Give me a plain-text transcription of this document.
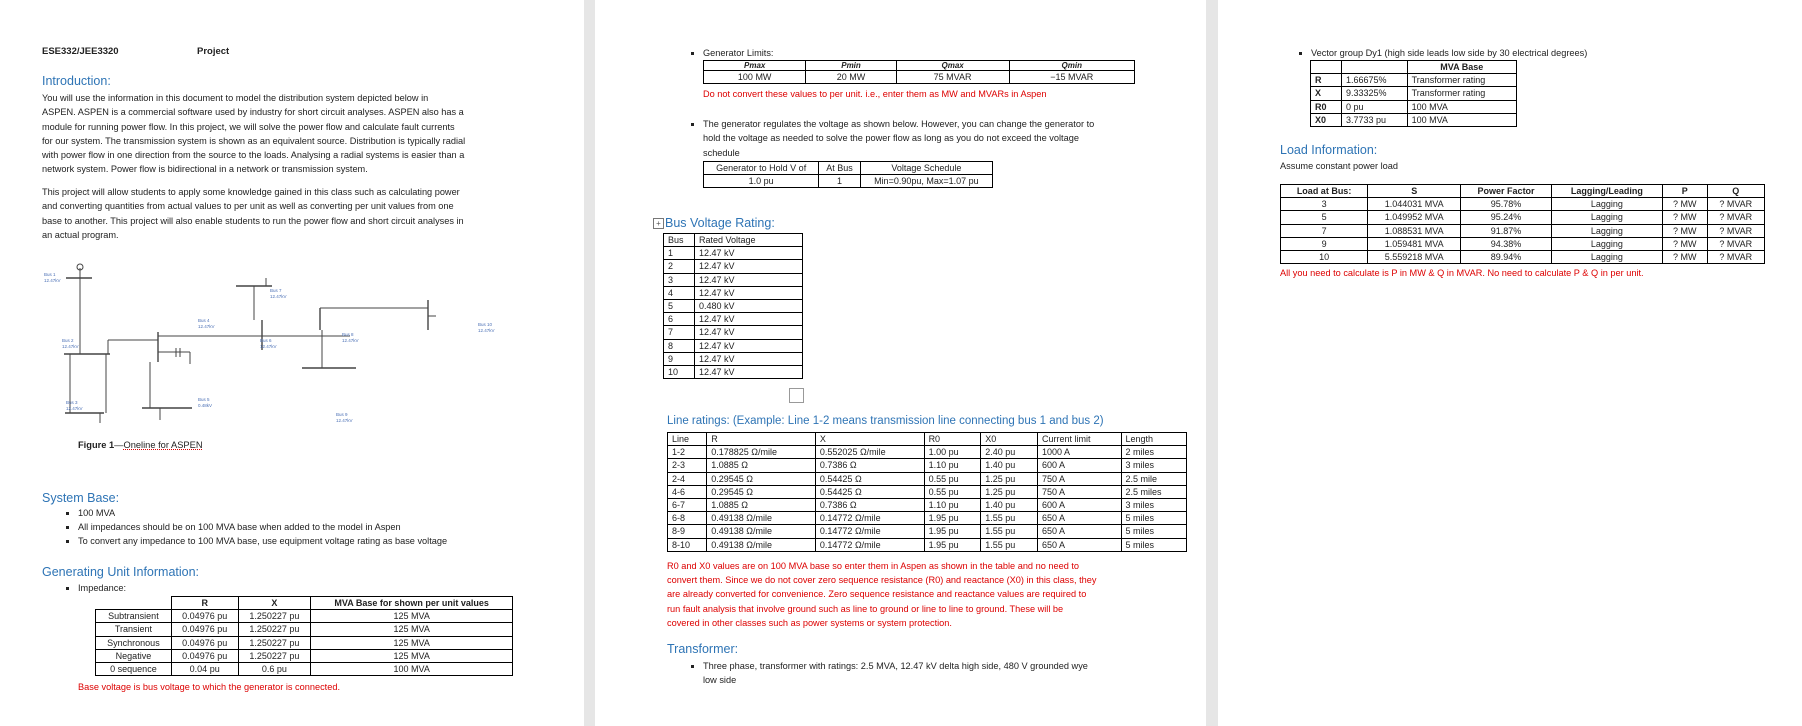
ESE332/JEE3320	Project
Introduction:
You will use the information in this document to model the distribution system depicted below in
ASPEN. ASPEN is a commercial software used by industry for short circuit analyses. ASPEN also has a
module for running power flow. In this project, we will solve the power flow and calculate fault currents
for our system. The transmission system is shown as an equivalent source. Distribution is typically radial
with power flow in one direction from the source to the loads. Analysing a radial systems is easier than a
network system. Power flow is bidirectional in a network or transmission system.
This project will allow students to apply some knowledge gained in this class such as calculating power
and converting quantities from actual values to per unit as well as converting per unit values from one
base to another. This project will also enable students to run the power flow and short circuit analyses in
an actual program.
Bus 1
12.47kV
Bus 2
12.47kV
Bus 3
12.47kV
Bus 4
12.47kV
Bus 5
0.48kV
Bus 6
12.47kV
Bus 7
12.47kV
Bus 8
12.47kV
Bus 9
12.47kV
Bus 10
12.47kV
Figure 1—Oneline for ASPEN
System Base:
▪ 100 MVA
▪ All impedances should be on 100 MVA base when added to the model in Aspen
▪ To convert any impedance to 100 MVA base, use equipment voltage rating as base voltage
Generating Unit Information:
▪ Impedance:
	R	X	MVA Base for shown per unit values
Subtransient	0.04976 pu	1.250227 pu	125 MVA
Transient	0.04976 pu	1.250227 pu	125 MVA
Synchronous	0.04976 pu	1.250227 pu	125 MVA
Negative	0.04976 pu	1.250227 pu	125 MVA
0 sequence	0.04 pu	0.6 pu	100 MVA
Base voltage is bus voltage to which the generator is connected.
▪ Generator Limits:
Pmax	Pmin	Qmax	Qmin
100 MW	20 MW	75 MVAR	−15 MVAR
Do not convert these values to per unit. i.e., enter them as MW and MVARs in Aspen
▪ The generator regulates the voltage as shown below. However, you can change the generator to
hold the voltage as needed to solve the power flow as long as you do not exceed the voltage
schedule
Generator to Hold V of	At Bus	Voltage Schedule
1.0 pu	1	Min=0.90pu, Max=1.07 pu
+ Bus Voltage Rating:
Bus	Rated Voltage
1	12.47 kV
2	12.47 kV
3	12.47 kV
4	12.47 kV
5	0.480 kV
6	12.47 kV
7	12.47 kV
8	12.47 kV
9	12.47 kV
10	12.47 kV
Line ratings: (Example: Line 1-2 means transmission line connecting bus 1 and bus 2)
Line	R	X	R0	X0	Current limit	Length
1-2	0.178825 Ω/mile	0.552025 Ω/mile	1.00 pu	2.40 pu	1000 A	2 miles
2-3	1.0885 Ω	0.7386 Ω	1.10 pu	1.40 pu	600 A	3 miles
2-4	0.29545 Ω	0.54425 Ω	0.55 pu	1.25 pu	750 A	2.5 mile
4-6	0.29545 Ω	0.54425 Ω	0.55 pu	1.25 pu	750 A	2.5 miles
6-7	1.0885 Ω	0.7386 Ω	1.10 pu	1.40 pu	600 A	3 miles
6-8	0.49138 Ω/mile	0.14772 Ω/mile	1.95 pu	1.55 pu	650 A	5 miles
8-9	0.49138 Ω/mile	0.14772 Ω/mile	1.95 pu	1.55 pu	650 A	5 miles
8-10	0.49138 Ω/mile	0.14772 Ω/mile	1.95 pu	1.55 pu	650 A	5 miles
R0 and X0 values are on 100 MVA base so enter them in Aspen as shown in the table and no need to
convert them. Since we do not cover zero sequence resistance (R0) and reactance (X0) in this class, they
are already converted for convenience. Zero sequence resistance and reactance values are required to
run fault analysis that involve ground such as line to ground or line to line to ground. These will be
covered in other classes such as power systems or system protection.
Transformer:
▪ Three phase, transformer with ratings: 2.5 MVA, 12.47 kV delta high side, 480 V grounded wye
low side
▪ Vector group Dy1 (high side leads low side by 30 electrical degrees)
		MVA Base
R	1.66675%	Transformer rating
X	9.33325%	Transformer rating
R0	0 pu	100 MVA
X0	3.7733 pu	100 MVA
Load Information:
Assume constant power load
Load at Bus:	S	Power Factor	Lagging/Leading	P	Q
3	1.044031 MVA	95.78%	Lagging	? MW	? MVAR
5	1.049952 MVA	95.24%	Lagging	? MW	? MVAR
7	1.088531 MVA	91.87%	Lagging	? MW	? MVAR
9	1.059481 MVA	94.38%	Lagging	? MW	? MVAR
10	5.559218 MVA	89.94%	Lagging	? MW	? MVAR
All you need to calculate is P in MW & Q in MVAR. No need to calculate P & Q in per unit.
